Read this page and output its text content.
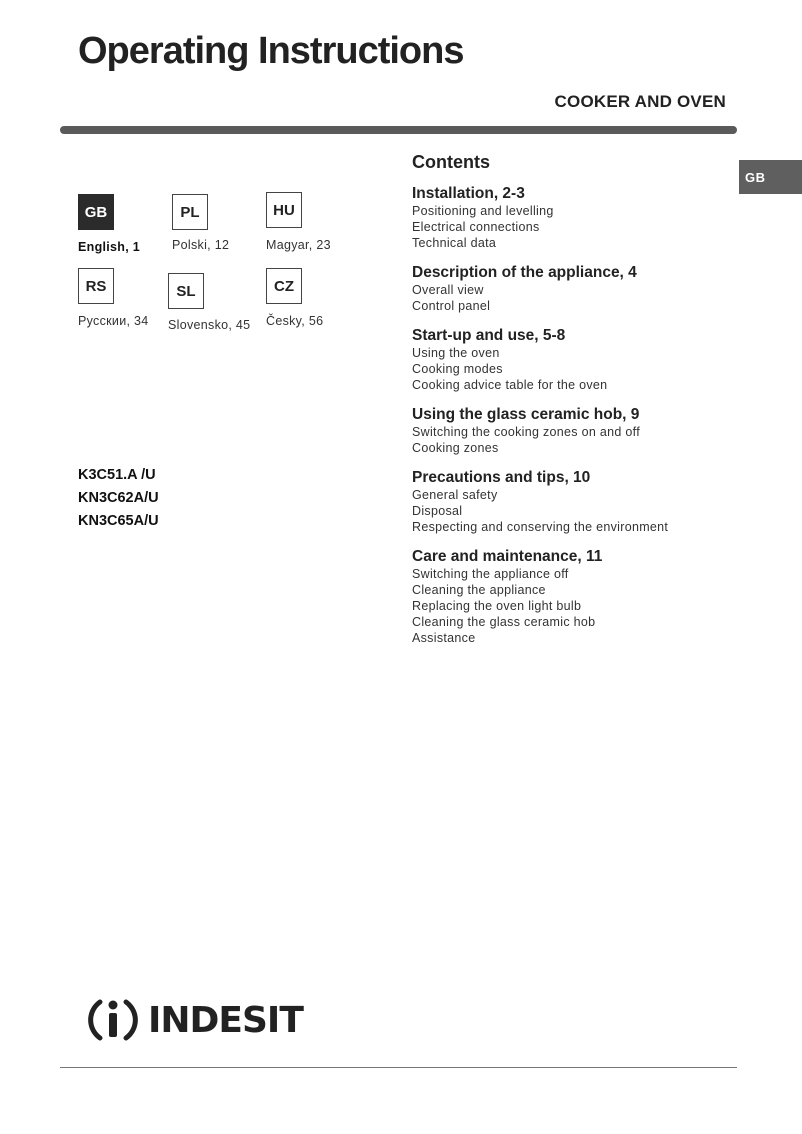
Operating Instructions
COOKER AND OVEN
GB
GB
English, 1
PL
Polski, 12
HU
Magyar, 23
RS
Русскии, 34
SL
Slovensko, 45
CZ
Česky, 56
K3C51.A /U
KN3C62A/U
KN3C65A/U
Contents
Installation, 2-3
Positioning and levelling
Electrical connections
Technical data
Description of the appliance, 4
Overall view
Control panel
Start-up and use, 5-8
Using the oven
Cooking modes
Cooking advice table for the oven
Using the glass ceramic hob, 9
Switching the cooking zones on and off
Cooking zones
Precautions and tips, 10
General safety
Disposal
Respecting and conserving the environment
Care and maintenance, 11
Switching the appliance off
Cleaning the appliance
Replacing the oven light bulb
Cleaning the glass ceramic hob
Assistance
INDESIT
